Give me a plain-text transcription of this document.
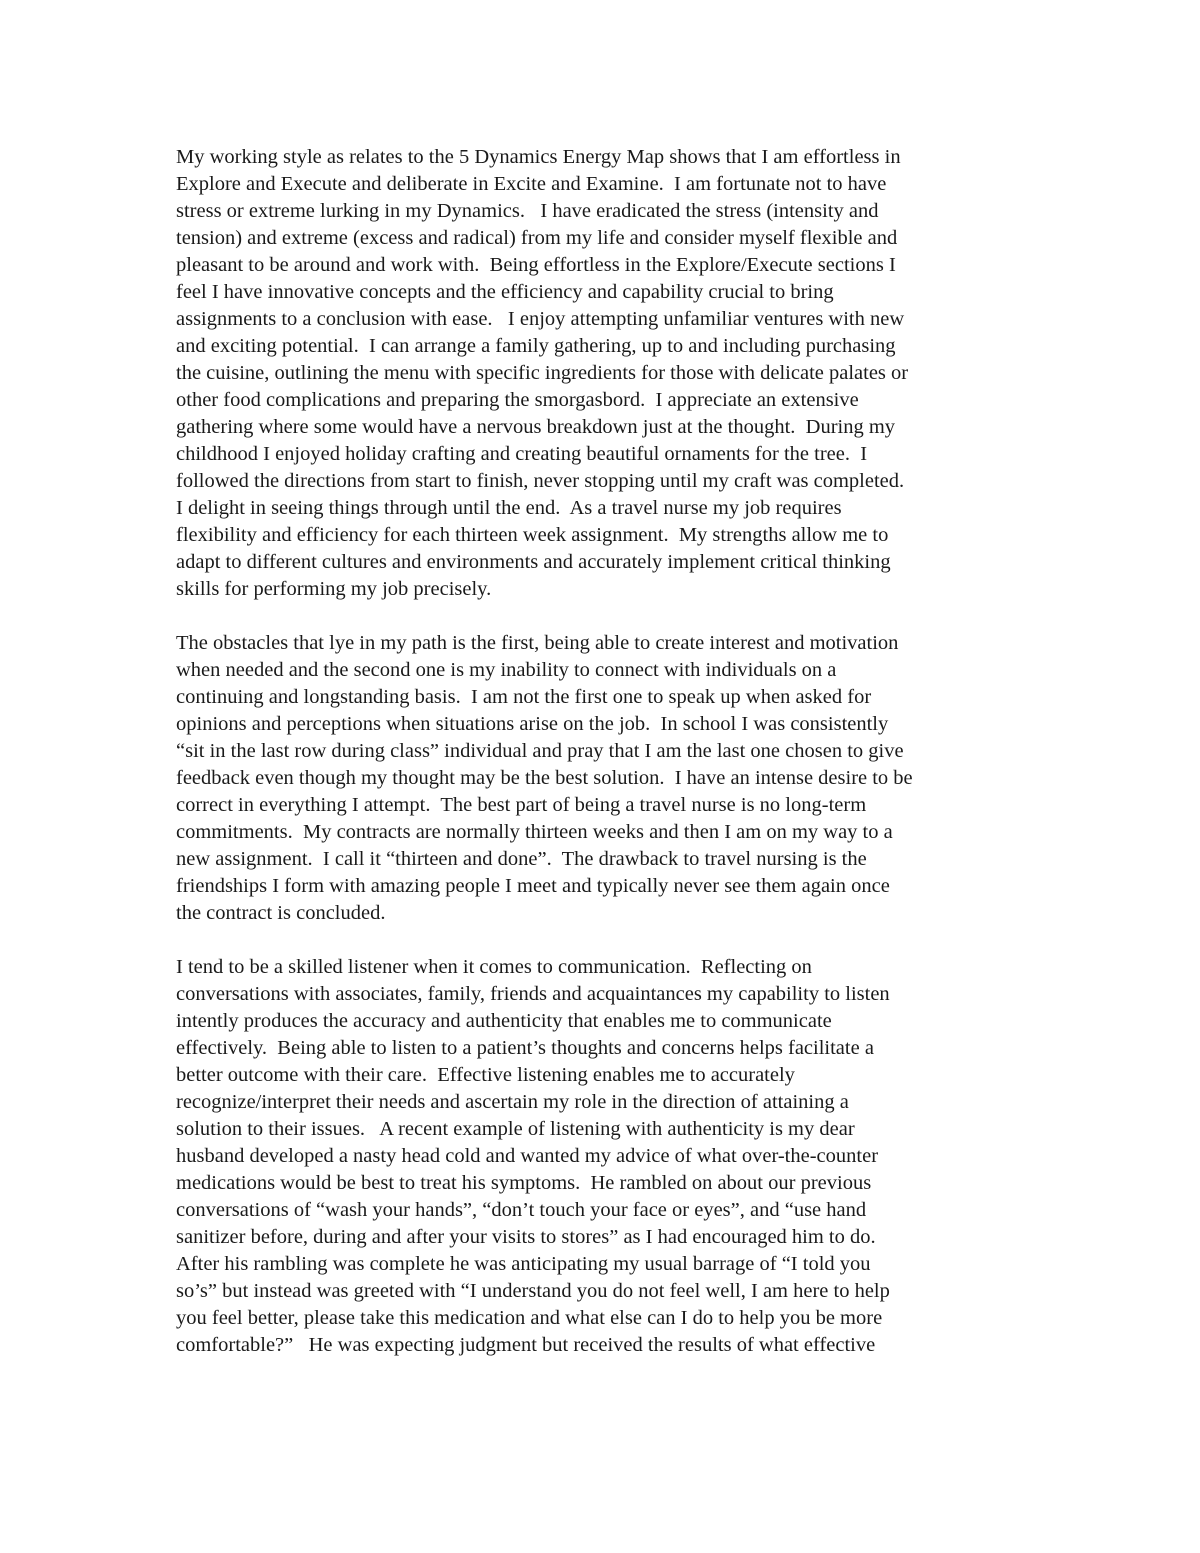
My working style as relates to the 5 Dynamics Energy Map shows that I am effortless in
Explore and Execute and deliberate in Excite and Examine.  I am fortunate not to have
stress or extreme lurking in my Dynamics.   I have eradicated the stress (intensity and
tension) and extreme (excess and radical) from my life and consider myself flexible and
pleasant to be around and work with.  Being effortless in the Explore/Execute sections I
feel I have innovative concepts and the efficiency and capability crucial to bring
assignments to a conclusion with ease.   I enjoy attempting unfamiliar ventures with new
and exciting potential.  I can arrange a family gathering, up to and including purchasing
the cuisine, outlining the menu with specific ingredients for those with delicate palates or
other food complications and preparing the smorgasbord.  I appreciate an extensive
gathering where some would have a nervous breakdown just at the thought.  During my
childhood I enjoyed holiday crafting and creating beautiful ornaments for the tree.  I
followed the directions from start to finish, never stopping until my craft was completed.
I delight in seeing things through until the end.  As a travel nurse my job requires
flexibility and efficiency for each thirteen week assignment.  My strengths allow me to
adapt to different cultures and environments and accurately implement critical thinking
skills for performing my job precisely.
The obstacles that lye in my path is the first, being able to create interest and motivation
when needed and the second one is my inability to connect with individuals on a
continuing and longstanding basis.  I am not the first one to speak up when asked for
opinions and perceptions when situations arise on the job.  In school I was consistently
“sit in the last row during class” individual and pray that I am the last one chosen to give
feedback even though my thought may be the best solution.  I have an intense desire to be
correct in everything I attempt.  The best part of being a travel nurse is no long-term
commitments.  My contracts are normally thirteen weeks and then I am on my way to a
new assignment.  I call it “thirteen and done”.  The drawback to travel nursing is the
friendships I form with amazing people I meet and typically never see them again once
the contract is concluded.
I tend to be a skilled listener when it comes to communication.  Reflecting on
conversations with associates, family, friends and acquaintances my capability to listen
intently produces the accuracy and authenticity that enables me to communicate
effectively.  Being able to listen to a patient’s thoughts and concerns helps facilitate a
better outcome with their care.  Effective listening enables me to accurately
recognize/interpret their needs and ascertain my role in the direction of attaining a
solution to their issues.   A recent example of listening with authenticity is my dear
husband developed a nasty head cold and wanted my advice of what over-the-counter
medications would be best to treat his symptoms.  He rambled on about our previous
conversations of “wash your hands”, “don’t touch your face or eyes”, and “use hand
sanitizer before, during and after your visits to stores” as I had encouraged him to do.
After his rambling was complete he was anticipating my usual barrage of “I told you
so’s” but instead was greeted with “I understand you do not feel well, I am here to help
you feel better, please take this medication and what else can I do to help you be more
comfortable?”   He was expecting judgment but received the results of what effective
